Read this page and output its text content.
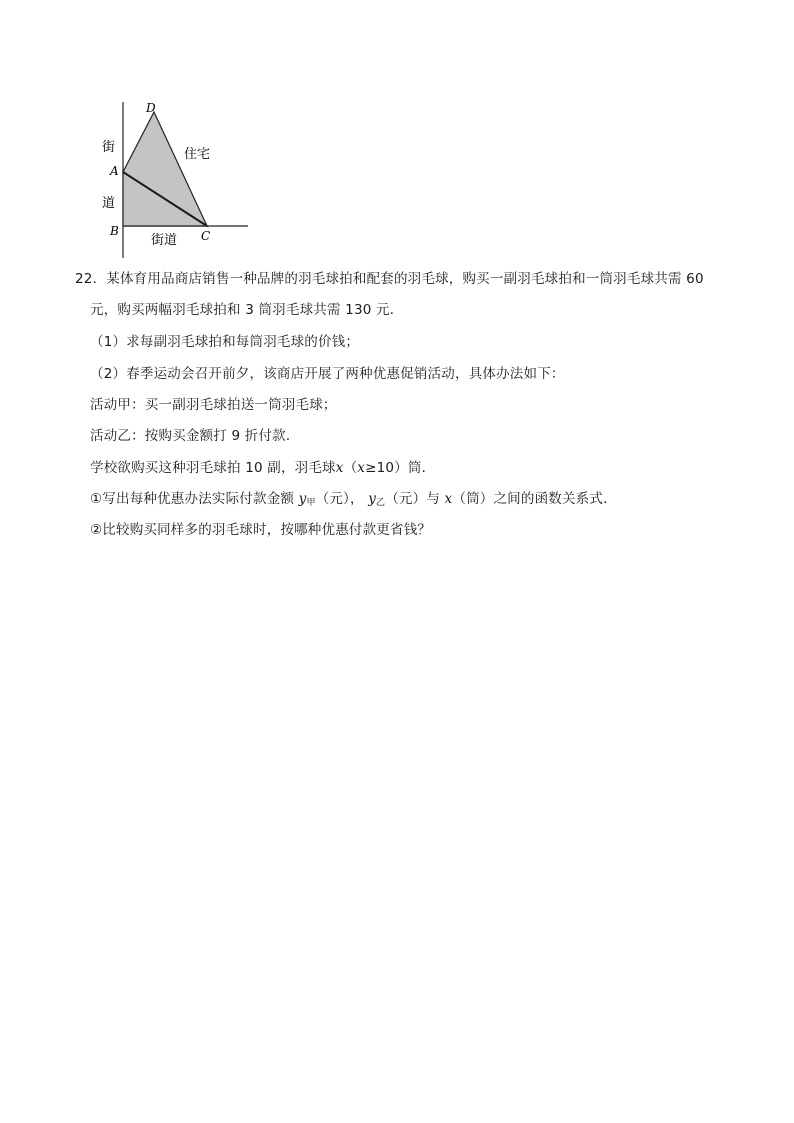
D
A
B	C
街
道
街道
住宅
22．某体育用品商店销售一种品牌的羽毛球拍和配套的羽毛球，购买一副羽毛球拍和一筒羽毛球共需 60
元，购买两幅羽毛球拍和 3 筒羽毛球共需 130 元．
（1）求每副羽毛球拍和每筒羽毛球的价钱；
（2）春季运动会召开前夕，该商店开展了两种优惠促销活动，具体办法如下：
活动甲：买一副羽毛球拍送一筒羽毛球；
活动乙：按购买金额打 9 折付款．
学校欲购买这种羽毛球拍 10 副，羽毛球x（x≥10）筒．
①写出每种优惠办法实际付款金额 $y_甲$（元）， $y_乙$（元）与 x（筒）之间的函数关系式．
②比较购买同样多的羽毛球时，按哪种优惠付款更省钱？
